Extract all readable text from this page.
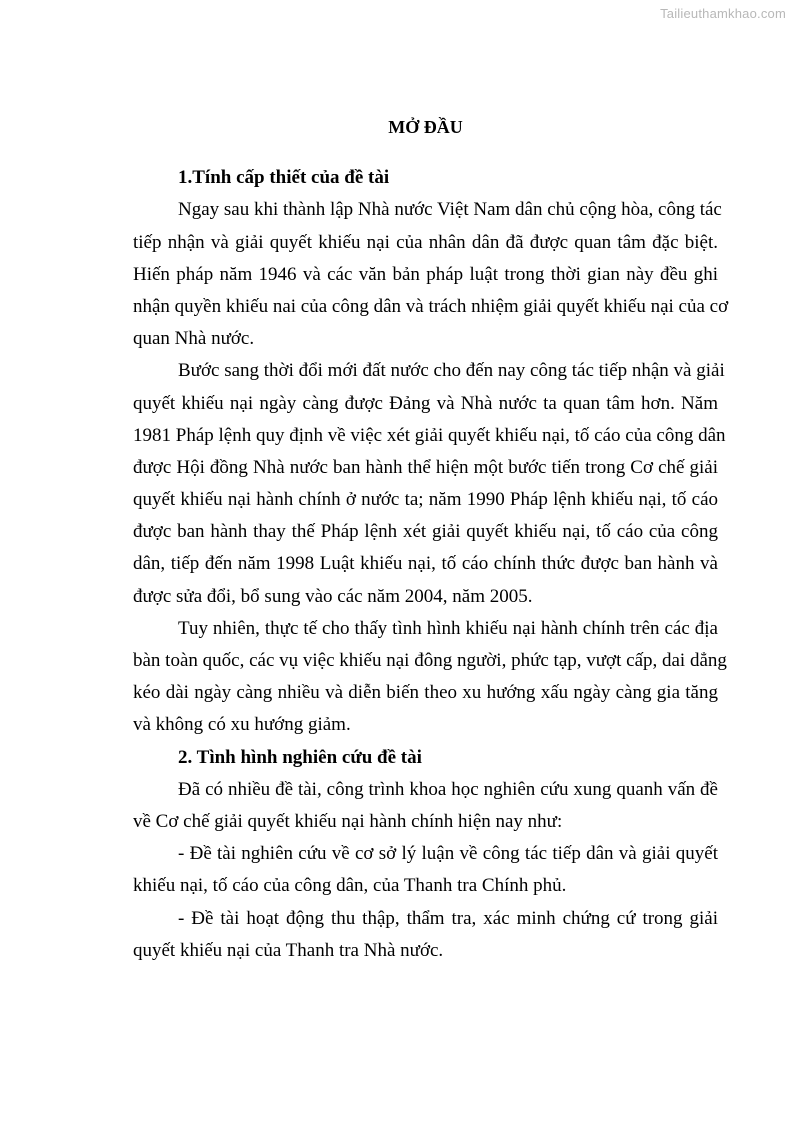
Tailieuthamkhao.com
MỞ ĐẦU
1.Tính cấp thiết của đề tài
Ngay sau khi thành lập Nhà nước Việt Nam dân chủ cộng hòa, công tác
tiếp nhận và giải quyết khiếu nại của nhân dân đã được quan tâm đặc biệt.
Hiến pháp năm 1946 và các văn bản pháp luật trong thời gian này đều ghi
nhận quyền khiếu nai của công dân và trách nhiệm giải quyết khiếu nại của cơ
quan Nhà nước.
Bước sang thời đổi mới đất nước cho đến nay công tác tiếp nhận và giải
quyết khiếu nại ngày càng được Đảng và Nhà nước ta quan tâm hơn. Năm
1981 Pháp lệnh quy định về việc xét giải quyết khiếu nại, tố cáo của công dân
được Hội đồng Nhà nước ban hành thể hiện một bước tiến trong Cơ chế giải
quyết khiếu nại hành chính ở nước ta; năm 1990 Pháp lệnh khiếu nại, tố cáo
được ban hành thay thế Pháp lệnh xét giải quyết khiếu nại, tố cáo của công
dân, tiếp đến năm 1998 Luật khiếu nại, tố cáo chính thức được ban hành và
được sửa đổi, bổ sung vào các năm 2004, năm 2005.
Tuy nhiên, thực tế cho thấy tình hình khiếu nại hành chính trên các địa
bàn toàn quốc, các vụ việc khiếu nại đông người, phức tạp, vượt cấp, dai dẳng
kéo dài ngày càng nhiều và diễn biến theo xu hướng xấu ngày càng gia tăng
và không có xu hướng giảm.
2. Tình hình nghiên cứu đề tài
Đã có nhiều đề tài, công trình khoa học nghiên cứu xung quanh vấn đề
về Cơ chế giải quyết khiếu nại hành chính hiện nay như:
- Đề tài nghiên cứu về cơ sở lý luận về công tác tiếp dân và giải quyết
khiếu nại, tố cáo của công dân, của Thanh tra Chính phủ.
- Đề tài hoạt động thu thập, thẩm tra, xác minh chứng cứ trong giải
quyết khiếu nại của Thanh tra Nhà nước.
